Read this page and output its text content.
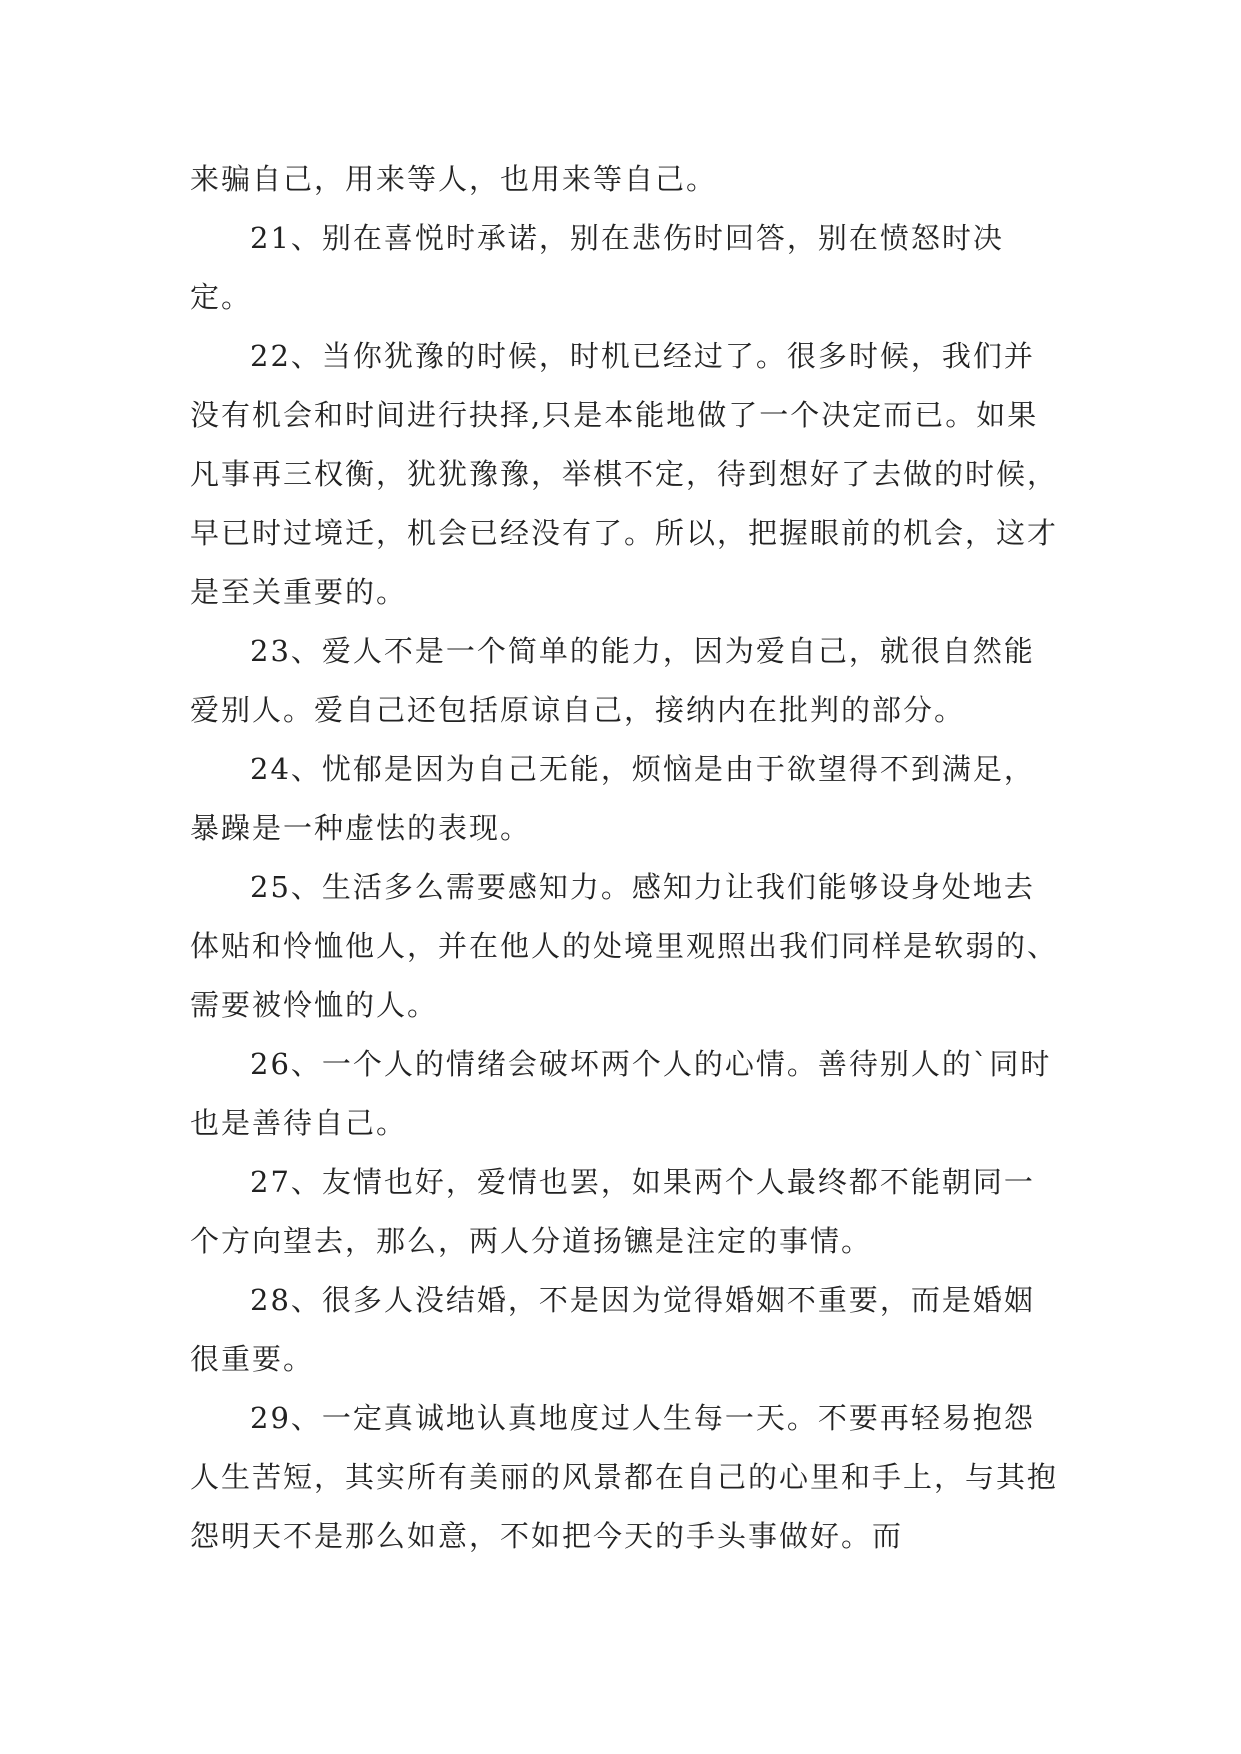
来骗自己，用来等人，也用来等自己。

21、别在喜悦时承诺，别在悲伤时回答，别在愤怒时决定。

22、当你犹豫的时候，时机已经过了。很多时候，我们并没有机会和时间进行抉择,只是本能地做了一个决定而已。如果凡事再三权衡，犹犹豫豫，举棋不定，待到想好了去做的时候，早已时过境迁，机会已经没有了。所以，把握眼前的机会，这才是至关重要的。

23、爱人不是一个简单的能力，因为爱自己，就很自然能爱别人。爱自己还包括原谅自己，接纳内在批判的部分。

24、忧郁是因为自己无能，烦恼是由于欲望得不到满足，暴躁是一种虚怯的表现。

25、生活多么需要感知力。感知力让我们能够设身处地去体贴和怜恤他人，并在他人的处境里观照出我们同样是软弱的、需要被怜恤的人。

26、一个人的情绪会破坏两个人的心情。善待别人的`同时也是善待自己。

27、友情也好，爱情也罢，如果两个人最终都不能朝同一个方向望去，那么，两人分道扬镳是注定的事情。

28、很多人没结婚，不是因为觉得婚姻不重要，而是婚姻很重要。

29、一定真诚地认真地度过人生每一天。不要再轻易抱怨人生苦短，其实所有美丽的风景都在自己的心里和手上，与其抱怨明天不是那么如意，不如把今天的手头事做好。而
